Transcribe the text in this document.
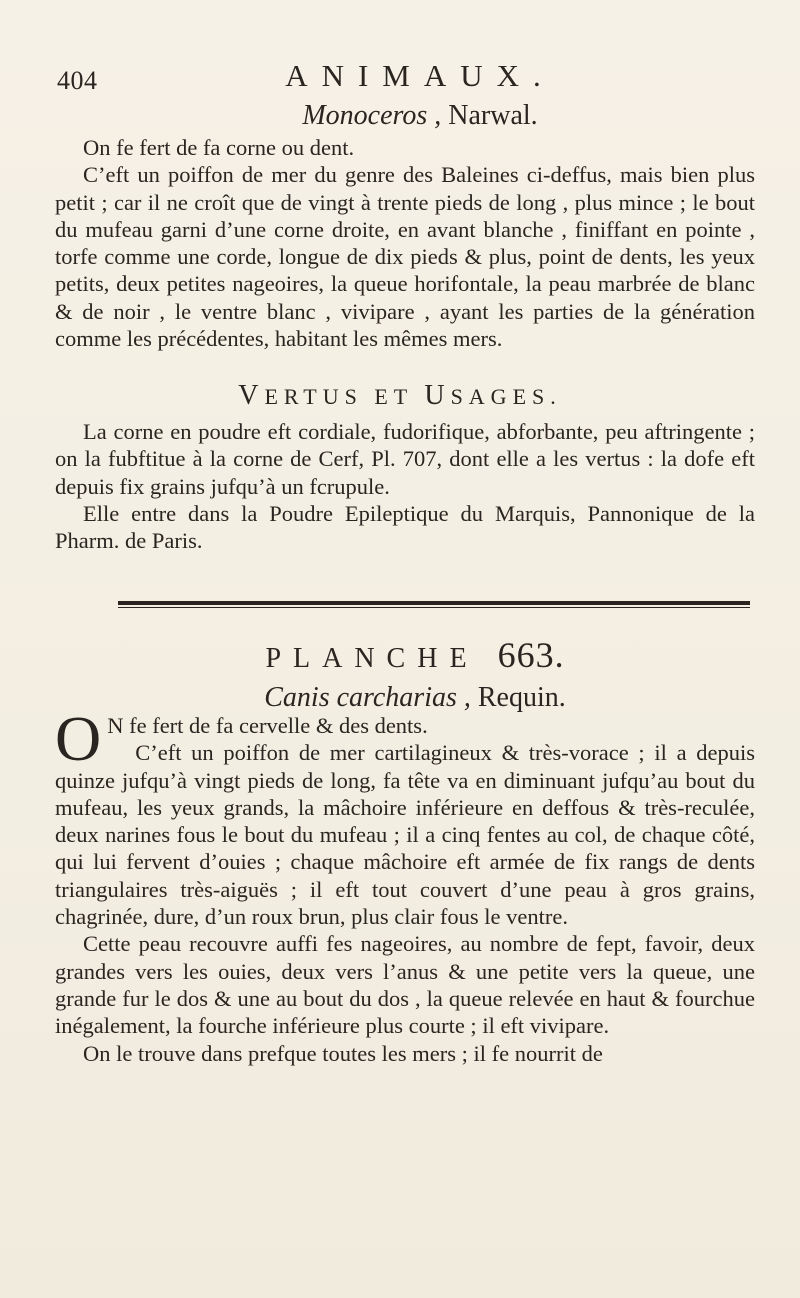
404	ANIMAUX.
Monoceros , Narwal.

On fe fert de fa corne ou dent.

C’eft un poiffon de mer du genre des Baleines ci-deffus, mais bien plus petit ; car il ne croît que de vingt à trente pieds de long , plus mince ; le bout du mufeau garni d’une corne droite, en avant blanche , finiffant en pointe , torfe comme une corde, longue de dix pieds & plus, point de dents, les yeux petits, deux petites nageoires, la queue horifontale, la peau marbrée de blanc & de noir , le ventre blanc , vivipare , ayant les parties de la génération comme les précédentes, habitant les mêmes mers.

VERTUS ET USAGES.

La corne en poudre eft cordiale, fudorifique, abforbante, peu aftringente ; on la fubftitue à la corne de Cerf, Pl. 707, dont elle a les vertus : la dofe eft depuis fix grains jufqu’à un fcrupule.

Elle entre dans la Poudre Epileptique du Marquis, Pannonique de la Pharm. de Paris.

PLANCHE 663.
Canis carcharias , Requin.

O N fe fert de fa cervelle & des dents.

C’eft un poiffon de mer cartilagineux & très-vorace ; il a depuis quinze jufqu’à vingt pieds de long, fa tête va en diminuant jufqu’au bout du mufeau, les yeux grands, la mâchoire inférieure en deffous & très-reculée, deux narines fous le bout du mufeau ; il a cinq fentes au col, de chaque côté, qui lui fervent d’ouies ; chaque mâchoire eft armée de fix rangs de dents triangulaires très-aiguës ; il eft tout couvert d’une peau à gros grains, chagrinée, dure, d’un roux brun, plus clair fous le ventre.

Cette peau recouvre auffi fes nageoires, au nombre de fept, favoir, deux grandes vers les ouies, deux vers l’anus & une petite vers la queue, une grande fur le dos & une au bout du dos , la queue relevée en haut & fourchue inégalement, la fourche inférieure plus courte ; il eft vivipare.

On le trouve dans prefque toutes les mers ; il fe nourrit de
